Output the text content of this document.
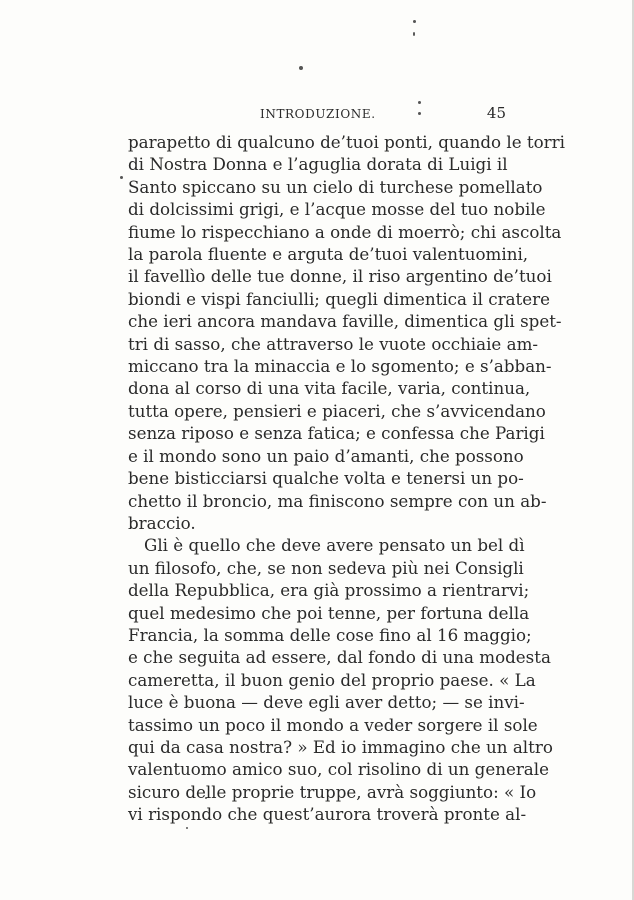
INTRODUZIONE.	45
parapetto di qualcuno de’tuoi ponti, quando le torri
di Nostra Donna e l’aguglia dorata di Luigi il
Santo spiccano su un cielo di turchese pomellato
di dolcissimi grigi, e l’acque mosse del tuo nobile
fiume lo rispecchiano a onde di moerrò; chi ascolta
la parola fluente e arguta de’tuoi valentuomini,
il favellìo delle tue donne, il riso argentino de’tuoi
biondi e vispi fanciulli; quegli dimentica il cratere
che ieri ancora mandava faville, dimentica gli spet-
tri di sasso, che attraverso le vuote occhiaie am-
miccano tra la minaccia e lo sgomento; e s’abban-
dona al corso di una vita facile, varia, continua,
tutta opere, pensieri e piaceri, che s’avvicendano
senza riposo e senza fatica; e confessa che Parigi
e il mondo sono un paio d’amanti, che possono
bene bisticciarsi qualche volta e tenersi un po-
chetto il broncio, ma finiscono sempre con un ab-
braccio.
Gli è quello che deve avere pensato un bel dì
un filosofo, che, se non sedeva più nei Consigli
della Repubblica, era già prossimo a rientrarvi;
quel medesimo che poi tenne, per fortuna della
Francia, la somma delle cose fino al 16 maggio;
e che seguita ad essere, dal fondo di una modesta
cameretta, il buon genio del proprio paese. « La
luce è buona — deve egli aver detto; — se invi-
tassimo un poco il mondo a veder sorgere il sole
qui da casa nostra? » Ed io immagino che un altro
valentuomo amico suo, col risolino di un generale
sicuro delle proprie truppe, avrà soggiunto: « Io
vi rispondo che quest’aurora troverà pronte al-
